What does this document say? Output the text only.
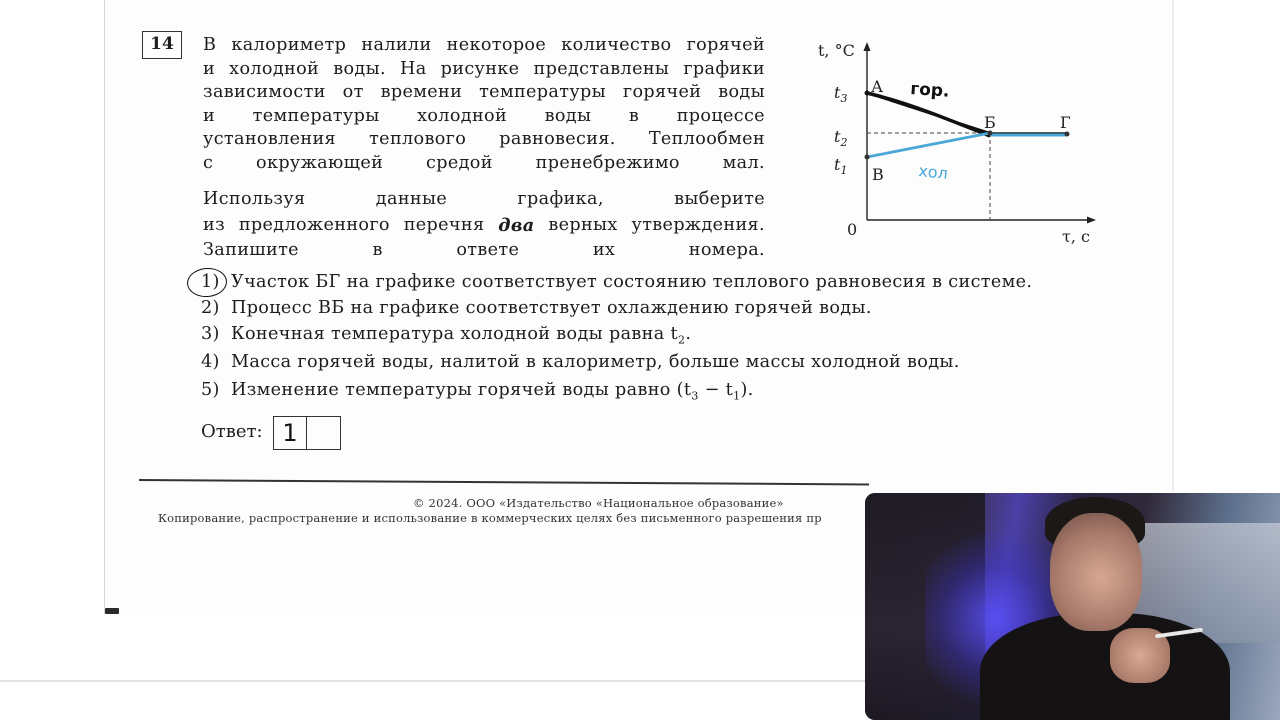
14	В калориметр налили некоторое количество горячей
и холодной воды. На рисунке представлены графики
зависимости от времени температуры горячей воды
и температуры холодной воды в процессе
установления теплового равновесия. Теплообмен
с окружающей средой пренебрежимо мал.
Используя	данные	графика,	выберите
из предложенного перечня два верных утверждения.
Запишите в ответе их номера.
1) Участок БГ на графике соответствует состоянию теплового равновесия в системе.
2) Процесс ВБ на графике соответствует охлаждению горячей воды.
3) Конечная температура холодной воды равна $t_2$.
4) Масса горячей воды, налитой в калориметр, больше массы холодной воды.
5) Изменение температуры горячей воды равно $(t_3 - t_1)$.
Ответ: 1
© 2024. ООО «Издательство «Национальное образование»
Копирование, распространение и использование в коммерческих целях без письменного разрешения пр
t, °C
τ, с
0
$t_3$
$t_2$
$t_1$
А
Б
В
Г
гор.
хол
